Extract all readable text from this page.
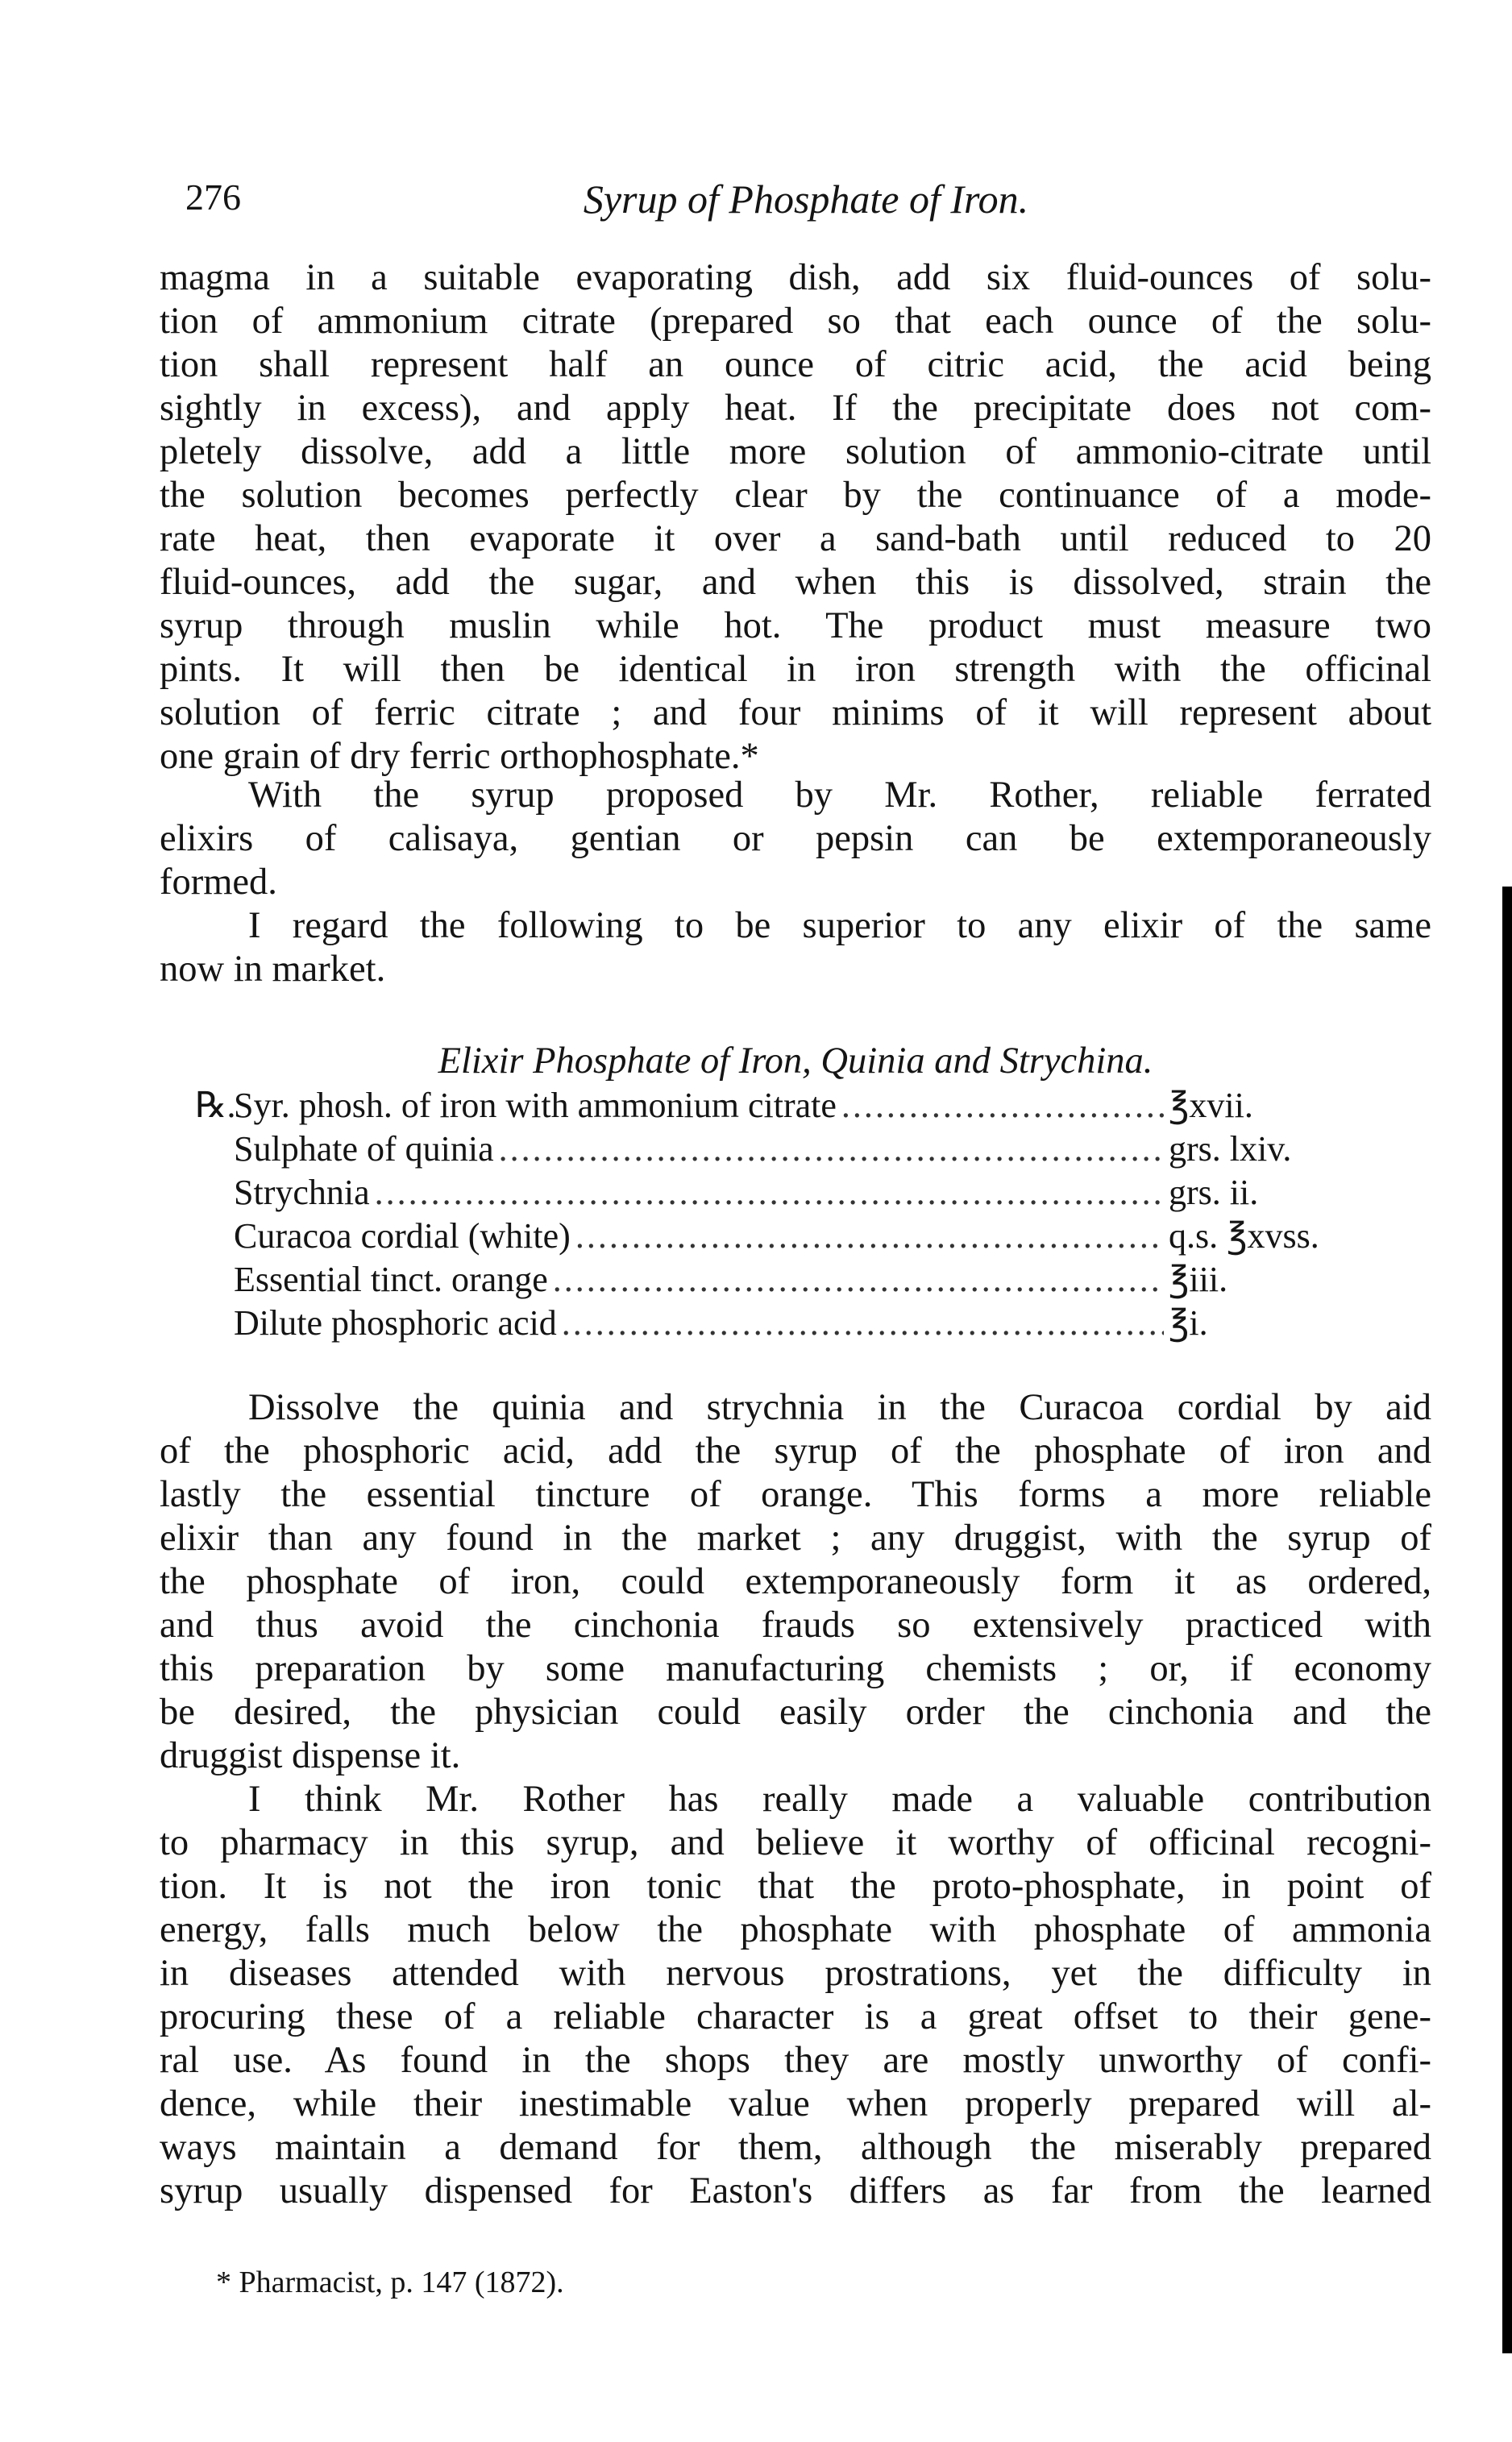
276	Syrup of Phosphate of Iron.
magma in a suitable evaporating dish, add six fluid-ounces of solu-
tion of ammonium citrate (prepared so that each ounce of the solu-
tion shall represent half an ounce of citric acid, the acid being
sightly in excess), and apply heat. If the precipitate does not com-
pletely dissolve, add a little more solution of ammonio-citrate until
the solution becomes perfectly clear by the continuance of a mode-
rate heat, then evaporate it over a sand-bath until reduced to 20
fluid-ounces, add the sugar, and when this is dissolved, strain the
syrup through muslin while hot. The product must measure two
pints. It will then be identical in iron strength with the officinal
solution of ferric citrate ; and four minims of it will represent about
one grain of dry ferric orthophosphate.*
With the syrup proposed by Mr. Rother, reliable ferrated
elixirs of calisaya, gentian or pepsin can be extemporaneously
formed.
I regard the following to be superior to any elixir of the same
now in market.
Elixir Phosphate of Iron, Quinia and Strychina.
℞.
Syr. phosh. of iron with ammonium citrate .....	℥xvii.
Sulphate of quinia .....	grs. lxiv.
Strychnia .....	grs. ii.
Curacoa cordial (white) .....	q.s. ℥xvss.
Essential tinct. orange .....	℥iii.
Dilute phosphoric acid .....	℥i.
Dissolve the quinia and strychnia in the Curacoa cordial by aid
of the phosphoric acid, add the syrup of the phosphate of iron and
lastly the essential tincture of orange. This forms a more reliable
elixir than any found in the market ; any druggist, with the syrup of
the phosphate of iron, could extemporaneously form it as ordered,
and thus avoid the cinchonia frauds so extensively practiced with
this preparation by some manufacturing chemists ; or, if economy
be desired, the physician could easily order the cinchonia and the
druggist dispense it.
I think Mr. Rother has really made a valuable contribution
to pharmacy in this syrup, and believe it worthy of officinal recogni-
tion. It is not the iron tonic that the proto-phosphate, in point of
energy, falls much below the phosphate with phosphate of ammonia
in diseases attended with nervous prostrations, yet the difficulty in
procuring these of a reliable character is a great offset to their gene-
ral use. As found in the shops they are mostly unworthy of confi-
dence, while their inestimable value when properly prepared will al-
ways maintain a demand for them, although the miserably prepared
syrup usually dispensed for Easton's differs as far from the learned
* Pharmacist, p. 147 (1872).
